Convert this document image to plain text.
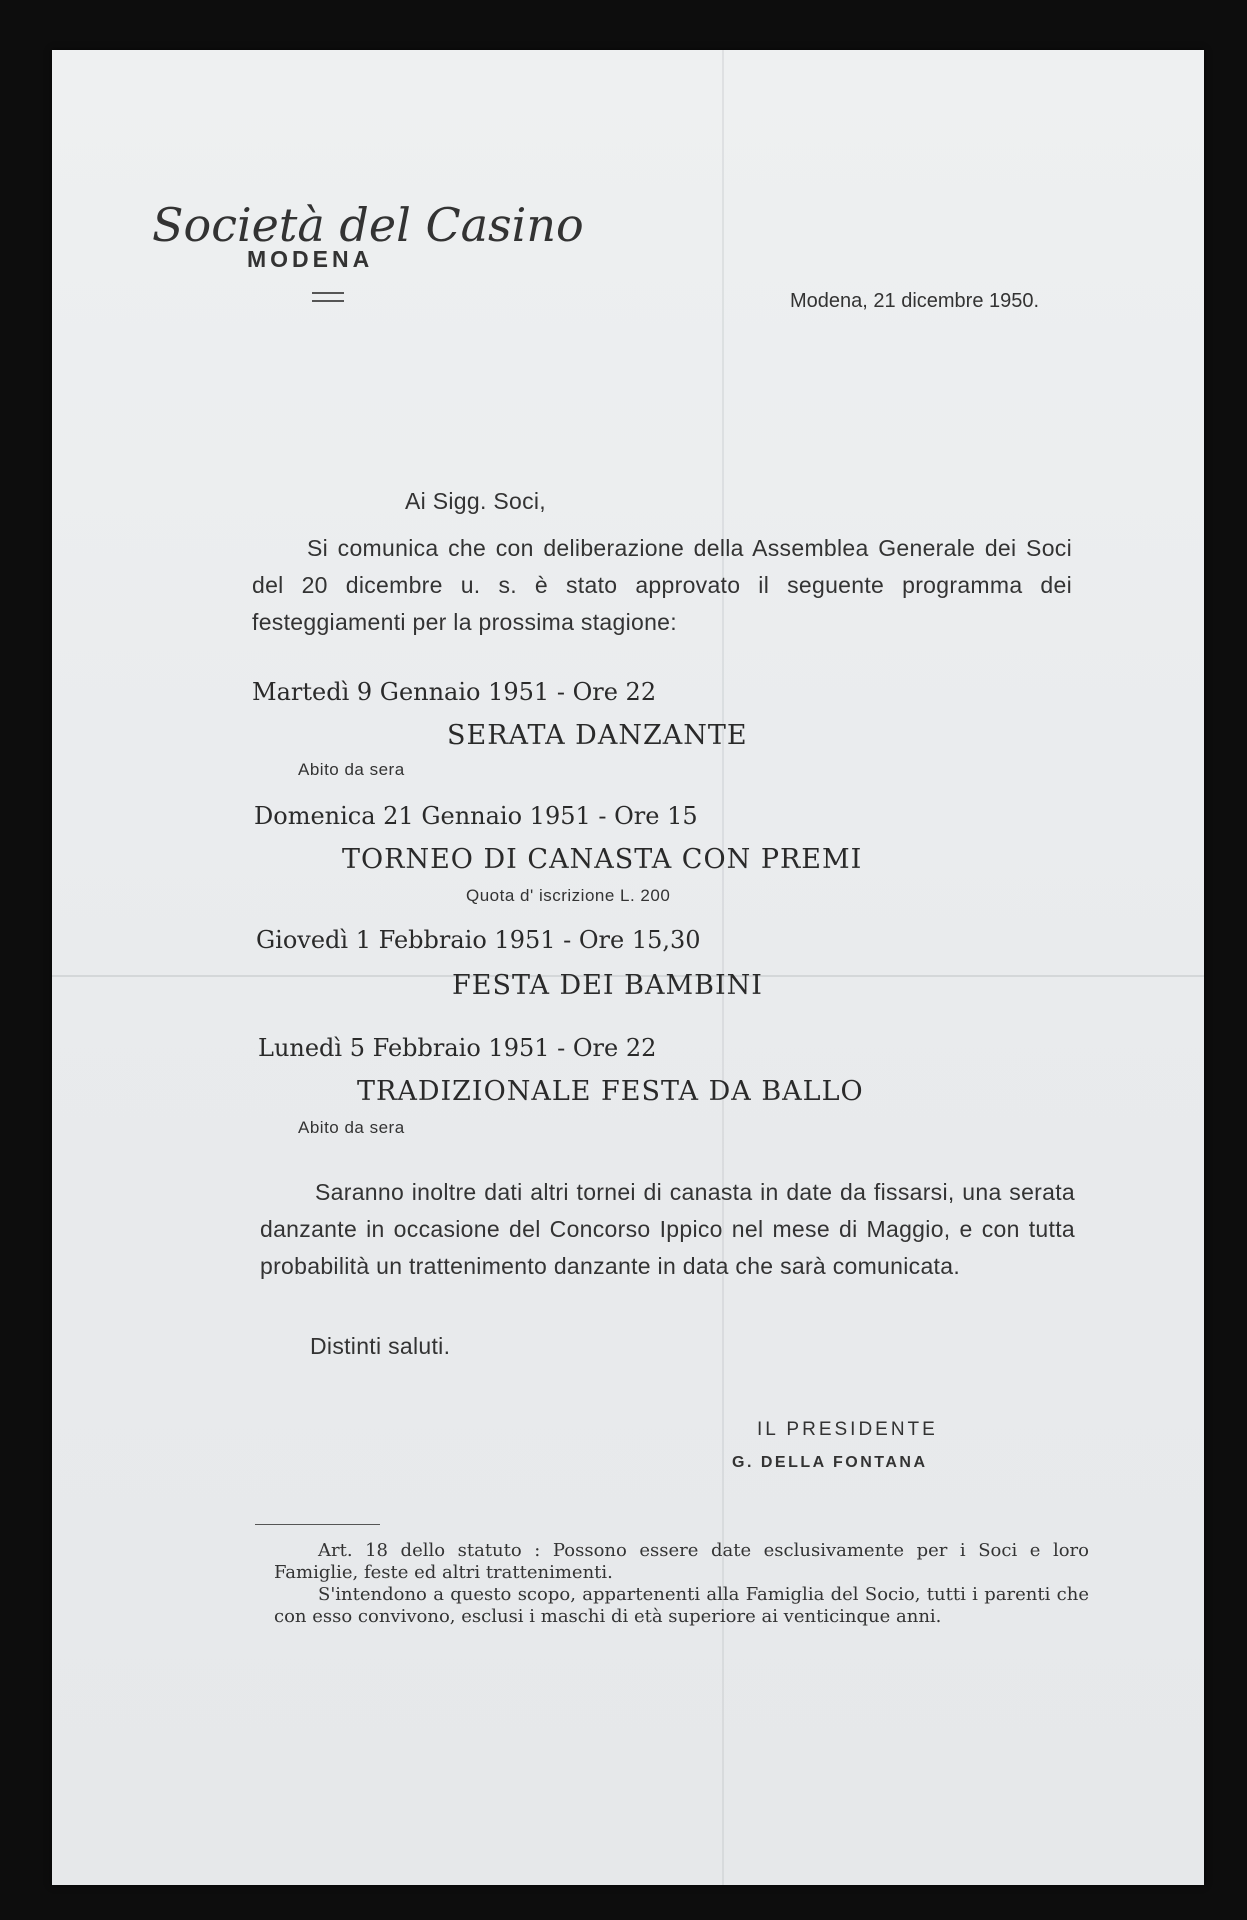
Società del Casino
MODENA
Modena, 21 dicembre 1950.
Ai Sigg. Soci,

Si comunica che con deliberazione della Assemblea Generale dei Soci del 20 dicembre u. s. è stato approvato il seguente programma dei festeggiamenti per la prossima stagione:

Martedì 9 Gennaio 1951 - Ore 22
SERATA DANZANTE
Abito da sera
Domenica 21 Gennaio 1951 - Ore 15
TORNEO DI CANASTA CON PREMI
Quota d' iscrizione L. 200
Giovedì 1 Febbraio 1951 - Ore 15,30
FESTA DEI BAMBINI
Lunedì 5 Febbraio 1951 - Ore 22
TRADIZIONALE FESTA DA BALLO
Abito da sera

Saranno inoltre dati altri tornei di canasta in date da fissarsi, una serata danzante in occasione del Concorso Ippico nel mese di Maggio, e con tutta probabilità un trattenimento danzante in data che sarà comunicata.

Distinti saluti.
IL PRESIDENTE
G. DELLA FONTANA

Art. 18 dello statuto : Possono essere date esclusivamente per i Soci e loro Famiglie, feste ed altri trattenimenti.

S'intendono a questo scopo, appartenenti alla Famiglia del Socio, tutti i parenti che con esso convivono, esclusi i maschi di età superiore ai venticinque anni.
